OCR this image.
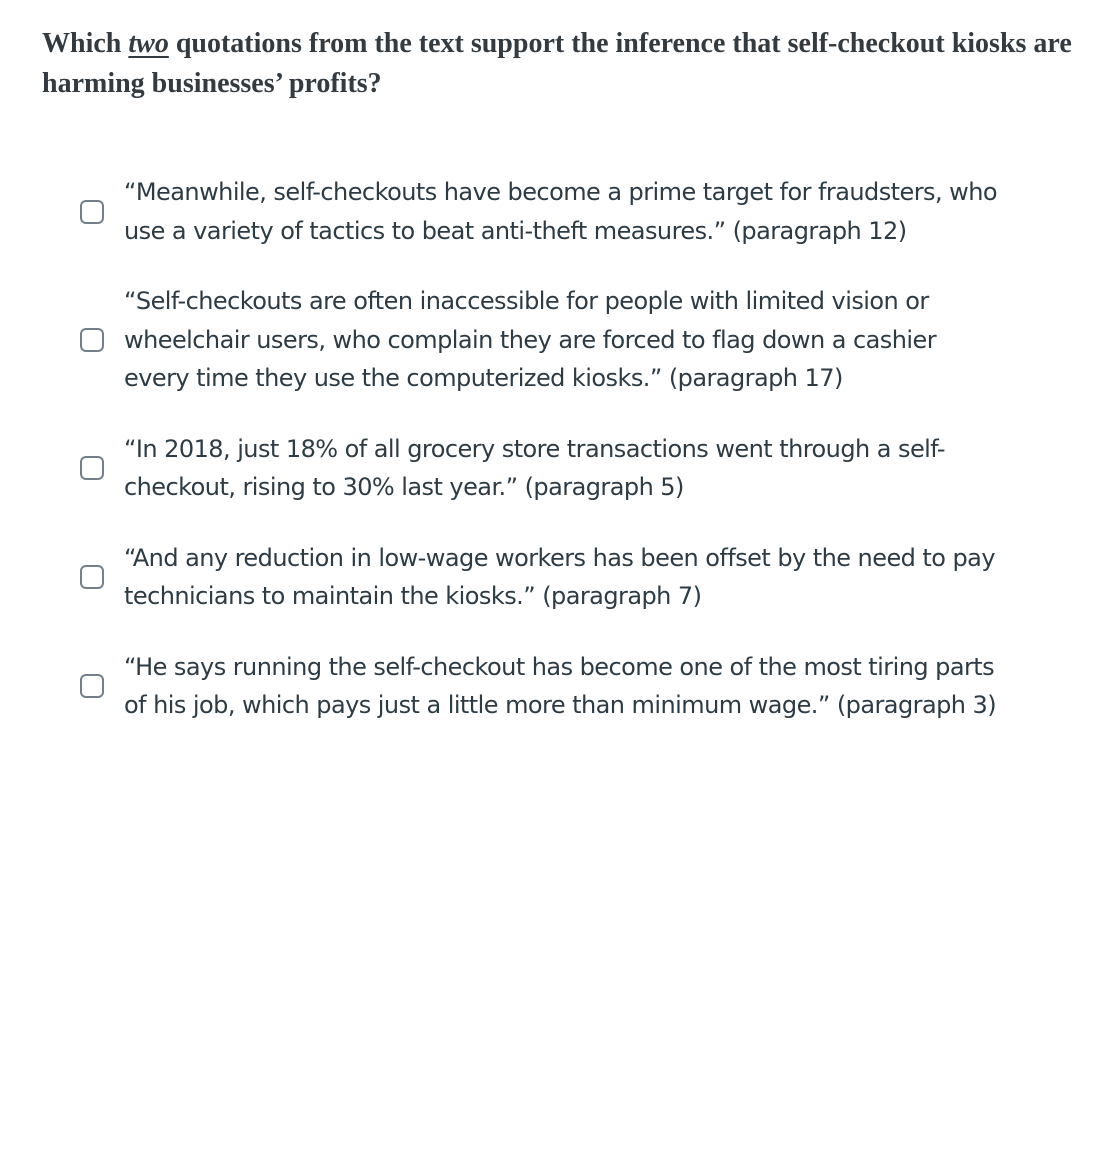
Which two quotations from the text support the inference that self-checkout kiosks are harming businesses’ profits?
“Meanwhile, self-checkouts have become a prime target for fraudsters, who use a variety of tactics to beat anti-theft measures.” (paragraph 12)
“Self-checkouts are often inaccessible for people with limited vision or wheelchair users, who complain they are forced to flag down a cashier every time they use the computerized kiosks.” (paragraph 17)
“In 2018, just 18% of all grocery store transactions went through a self-checkout, rising to 30% last year.” (paragraph 5)
“And any reduction in low-wage workers has been offset by the need to pay technicians to maintain the kiosks.” (paragraph 7)
“He says running the self-checkout has become one of the most tiring parts of his job, which pays just a little more than minimum wage.” (paragraph 3)
